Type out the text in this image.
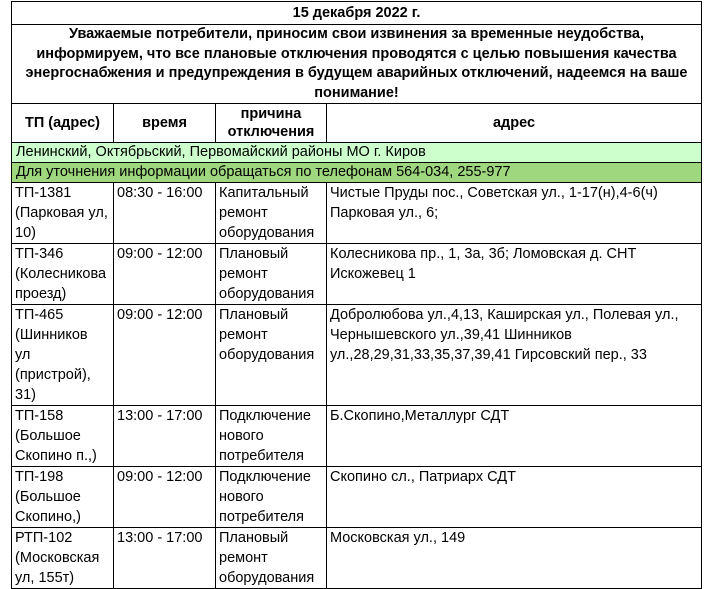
15 декабря 2022 г.			
Уважаемые потребители, приносим свои извинения за временные неудобства, информируем, что все плановые отключения проводятся с целью повышения качества энергоснабжения и предупреждения в будущем аварийных отключений, надеемся на ваше понимание!			

ТП (адрес)	время	причина
отключения	адрес

Ленинский, Октябрьский, Первомайский районы МО г. Киров			
Для уточнения информации обращаться по телефонам 564-034, 255-977			

ТП-1381
(Парковая ул,
10)	08:30 - 16:00	Капитальный
ремонт
оборудования	Чистые Пруды пос., Советская ул., 1-17(н),4-6(ч)
Парковая ул., 6;

ТП-346
(Колесникова
проезд)	09:00 - 12:00	Плановый
ремонт
оборудования	Колесникова пр., 1, 3а, 3б; Ломовская д. СНТ
Искожевец 1

ТП-465
(Шинников
ул
(пристрой),
31)	09:00 - 12:00	Плановый
ремонт
оборудования	Добролюбова ул.,4,13, Каширская ул., Полевая ул.,
Чернышевского ул.,39,41 Шинников
ул.,28,29,31,33,35,37,39,41 Гирсовский пер., 33

ТП-158
(Большое
Скопино п.,)	13:00 - 17:00	Подключение
нового
потребителя	Б.Скопино,Металлург СДТ

ТП-198
(Большое
Скопино,)	09:00 - 12:00	Подключение
нового
потребителя	Скопино сл., Патриарх СДТ

РТП-102
(Московская
ул, 155т)	13:00 - 17:00	Плановый
ремонт
оборудования	Московская ул., 149
